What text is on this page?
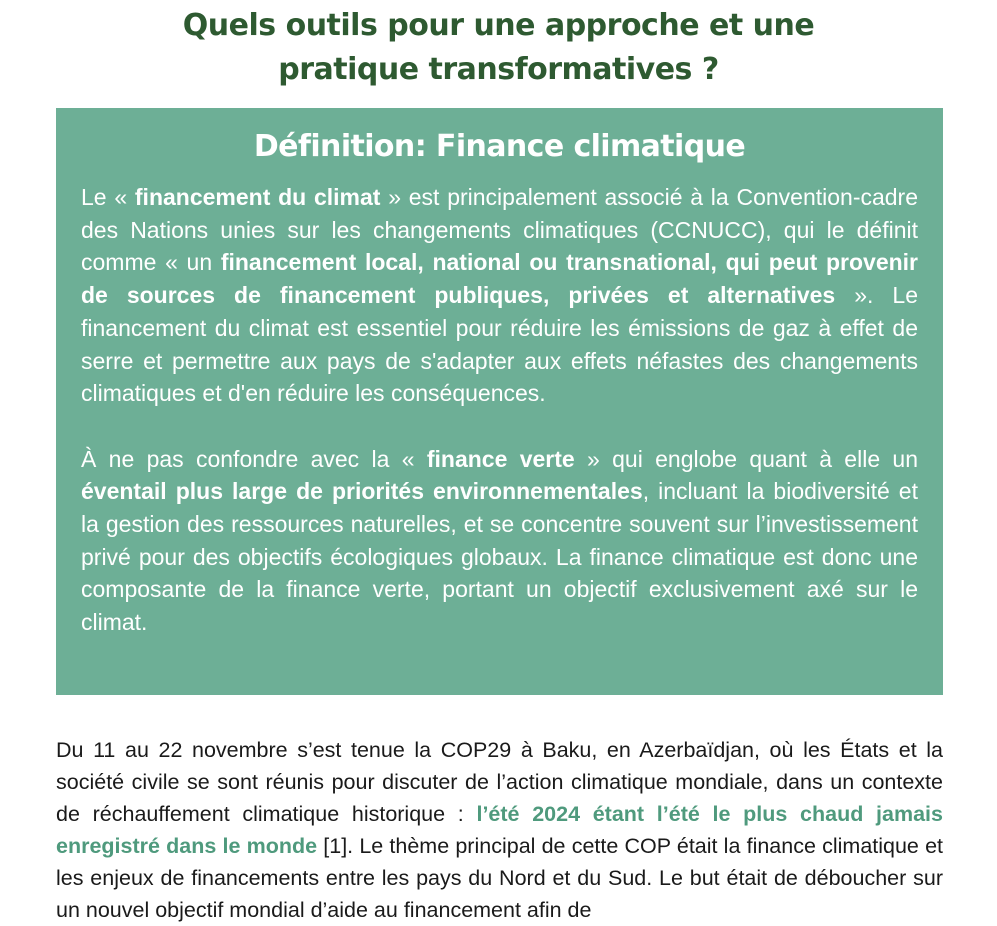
Quels outils pour une approche et une
pratique transformatives ?
Définition: Finance climatique

Le « financement du climat » est principalement associé à la Convention-cadre des Nations unies sur les changements climatiques (CCNUCC), qui le définit comme « un financement local, national ou transnational, qui peut provenir de sources de financement publiques, privées et alternatives ». Le financement du climat est essentiel pour réduire les émissions de gaz à effet de serre et permettre aux pays de s'adapter aux effets néfastes des changements climatiques et d'en réduire les conséquences.

À ne pas confondre avec la « finance verte » qui englobe quant à elle un éventail plus large de priorités environnementales, incluant la biodiversité et la gestion des ressources naturelles, et se concentre souvent sur l’investissement privé pour des objectifs écologiques globaux. La finance climatique est donc une composante de la finance verte, portant un objectif exclusivement axé sur le climat.

Du 11 au 22 novembre s’est tenue la COP29 à Baku, en Azerbaïdjan, où les États et la société civile se sont réunis pour discuter de l’action climatique mondiale, dans un contexte de réchauffement climatique historique : l’été 2024 étant l’été le plus chaud jamais enregistré dans le monde [1]. Le thème principal de cette COP était la finance climatique et les enjeux de financements entre les pays du Nord et du Sud. Le but était de déboucher sur un nouvel objectif mondial d’aide au financement afin de
